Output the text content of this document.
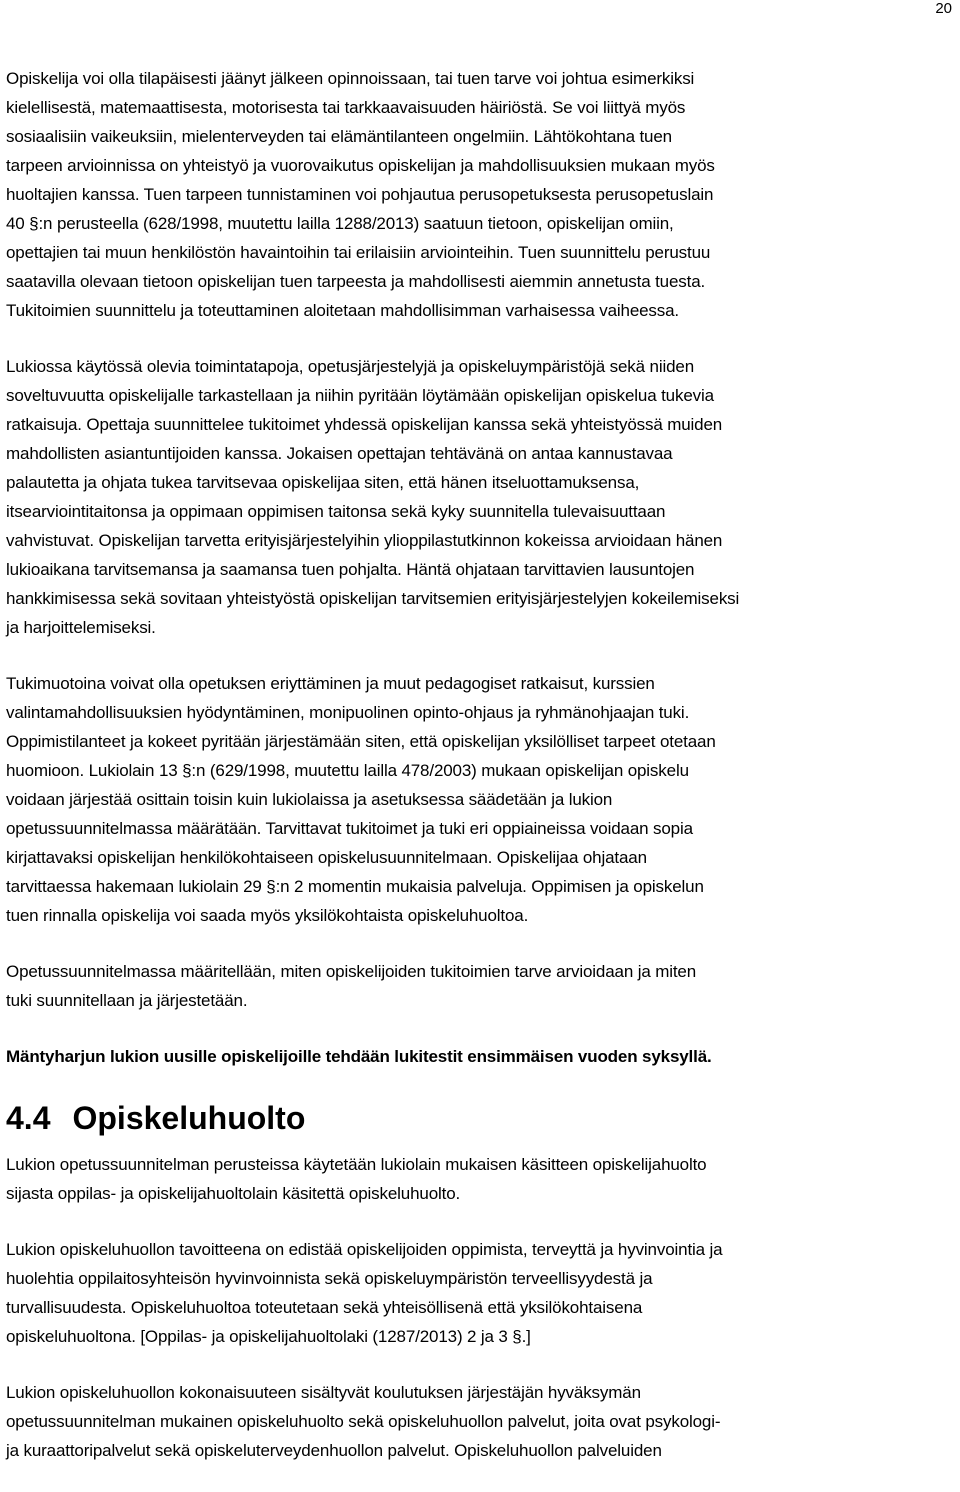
20

Opiskelija voi olla tilapäisesti jäänyt jälkeen opinnoissaan, tai tuen tarve voi johtua esimerkiksi
kielellisestä, matemaattisesta, motorisesta tai tarkkaavaisuuden häiriöstä. Se voi liittyä myös
sosiaalisiin vaikeuksiin, mielenterveyden tai elämäntilanteen ongelmiin. Lähtökohtana tuen
tarpeen arvioinnissa on yhteistyö ja vuorovaikutus opiskelijan ja mahdollisuuksien mukaan myös
huoltajien kanssa. Tuen tarpeen tunnistaminen voi pohjautua perusopetuksesta perusopetuslain
40 §:n perusteella (628/1998, muutettu lailla 1288/2013) saatuun tietoon, opiskelijan omiin,
opettajien tai muun henkilöstön havaintoihin tai erilaisiin arviointeihin. Tuen suunnittelu perustuu
saatavilla olevaan tietoon opiskelijan tuen tarpeesta ja mahdollisesti aiemmin annetusta tuesta.
Tukitoimien suunnittelu ja toteuttaminen aloitetaan mahdollisimman varhaisessa vaiheessa.

Lukiossa käytössä olevia toimintatapoja, opetusjärjestelyjä ja opiskeluympäristöjä sekä niiden
soveltuvuutta opiskelijalle tarkastellaan ja niihin pyritään löytämään opiskelijan opiskelua tukevia
ratkaisuja. Opettaja suunnittelee tukitoimet yhdessä opiskelijan kanssa sekä yhteistyössä muiden
mahdollisten asiantuntijoiden kanssa. Jokaisen opettajan tehtävänä on antaa kannustavaa
palautetta ja ohjata tukea tarvitsevaa opiskelijaa siten, että hänen itseluottamuksensa,
itsearviointitaitonsa ja oppimaan oppimisen taitonsa sekä kyky suunnitella tulevaisuuttaan
vahvistuvat. Opiskelijan tarvetta erityisjärjestelyihin ylioppilastutkinnon kokeissa arvioidaan hänen
lukioaikana tarvitsemansa ja saamansa tuen pohjalta. Häntä ohjataan tarvittavien lausuntojen
hankkimisessa sekä sovitaan yhteistyöstä opiskelijan tarvitsemien erityisjärjestelyjen kokeilemiseksi
ja harjoittelemiseksi.

Tukimuotoina voivat olla opetuksen eriyttäminen ja muut pedagogiset ratkaisut, kurssien
valintamahdollisuuksien hyödyntäminen, monipuolinen opinto-ohjaus ja ryhmänohjaajan tuki.
Oppimistilanteet ja kokeet pyritään järjestämään siten, että opiskelijan yksilölliset tarpeet otetaan
huomioon. Lukiolain 13 §:n (629/1998, muutettu lailla 478/2003) mukaan opiskelijan opiskelu
voidaan järjestää osittain toisin kuin lukiolaissa ja asetuksessa säädetään ja lukion
opetussuunnitelmassa määrätään. Tarvittavat tukitoimet ja tuki eri oppiaineissa voidaan sopia
kirjattavaksi opiskelijan henkilökohtaiseen opiskelusuunnitelmaan. Opiskelijaa ohjataan
tarvittaessa hakemaan lukiolain 29 §:n 2 momentin mukaisia palveluja. Oppimisen ja opiskelun
tuen rinnalla opiskelija voi saada myös yksilökohtaista opiskeluhuoltoa.

Opetussuunnitelmassa määritellään, miten opiskelijoiden tukitoimien tarve arvioidaan ja miten
tuki suunnitellaan ja järjestetään.

Mäntyharjun lukion uusille opiskelijoille tehdään lukitestit ensimmäisen vuoden syksyllä.

4.4 Opiskeluhuolto

Lukion opetussuunnitelman perusteissa käytetään lukiolain mukaisen käsitteen opiskelijahuolto
sijasta oppilas- ja opiskelijahuoltolain käsitettä opiskeluhuolto.

Lukion opiskeluhuollon tavoitteena on edistää opiskelijoiden oppimista, terveyttä ja hyvinvointia ja
huolehtia oppilaitosyhteisön hyvinvoinnista sekä opiskeluympäristön terveellisyydestä ja
turvallisuudesta. Opiskeluhuoltoa toteutetaan sekä yhteisöllisenä että yksilökohtaisena
opiskeluhuoltona. [Oppilas- ja opiskelijahuoltolaki (1287/2013) 2 ja 3 §.]

Lukion opiskeluhuollon kokonaisuuteen sisältyvät koulutuksen järjestäjän hyväksymän
opetussuunnitelman mukainen opiskeluhuolto sekä opiskeluhuollon palvelut, joita ovat psykologi-
ja kuraattoripalvelut sekä opiskeluterveydenhuollon palvelut. Opiskeluhuollon palveluiden
